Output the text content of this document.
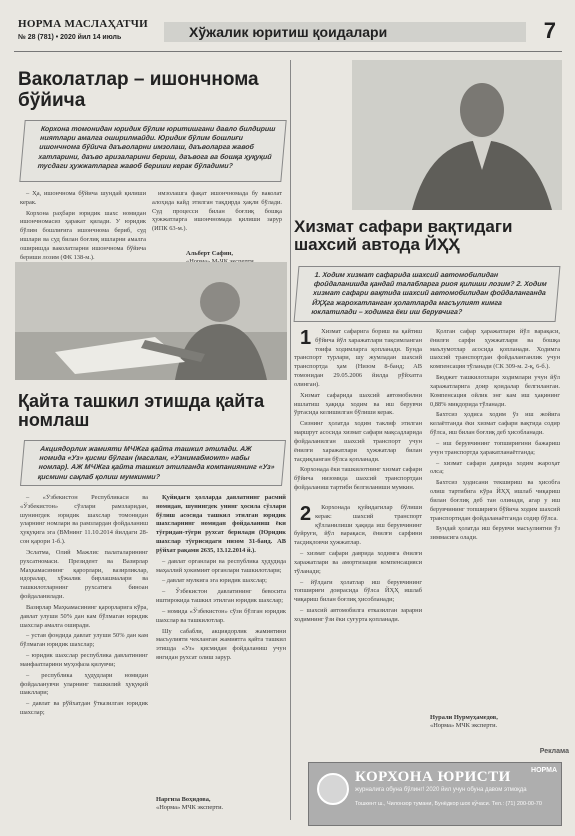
НОРМА МАСЛАҲАТЧИ
№ 28 (781) • 2020 йил 14 июль	Хўжалик юритиш қоидалари	7
Ваколатлар – ишончнома бўйича
Корхона томонидан юридик бўлим юритишгани давло билдириш ниятлари амалга оширилмайди. Юридик бўлим бошлиғи ишончнома бўйича даъволарни имзолаш, даъволарга жавоб хатларини, даъво аризаларини бериш, даъвога ва бошқа ҳуқуқий тусдаги ҳужжатларга жавоб бериши керак бўладими?

– Ҳа, ишончнома бўйича шундай қилиши керак.

Корхона раҳбари юридик шахс номидан ишончномасиз ҳаракат қилади. У юридик бўлим бошлиғига ишончнома бериб, суд ишлари ва суд билан боғлиқ ишларни амалга оширишда ваколатларни ишончнома бўйича бериши лозим (ФК 138-м.).

имзолашга фақат ишончномада бу ваколат алоҳида кайд этилган тақдирда ҳақли бўлади. Суд процесси билан боғлиқ бошқа ҳужжатларга ишончномада қилиши зарур (ИПК 63-м.).

Альберт Сафин,
Қайта ташкил этишда қайта номлаш
Акциядорлик жамияти МЧЖга қайта ташкил этилади. АЖ номида «Уз» қисми бўлган (масалан, «Узнимабмоwт» набы номлар). АЖ МЧЖга қайта ташкил этилганда компаниянинг «Уз» қисмини сақлаб қолиш мумкинми?

– «Ўзбекистон Республикаси ва «Ўзбекистон» сўзлари рамзларидан, шунингдек юридик шахслар томонидан уларнинг номлари ва рамзлардан фойдаланиш ҳуқуқига эга (ВМнинг 11.10.2014 йилдаги 28-сон қарори 1-б.).

Эслатма, Олий Мажлис палаталарининг рухсатномаси. Президент ва Вазирлар Маҳкамасининг қарорлари, вазирликлар, идоралар, хўжалик бирлашмалари ва ташкилотларнинг рухсатига биноан фойдаланилади.

Вазирлар Маҳкамасининг қарорларига кўра, давлат улуши 50% дан кам бўлмаган юридик шахслар амалга оширади.

– устав фондида давлат улуши 50% дан кам бўлмаган юридик шахслар;

– юридик шахслар республика давлатининг манфаатларини муҳофаза қилувчи;

– республика ҳудудлари номидан фойдаланувчи уларнинг ташкилий ҳуқуқий шакллари;

– давлат ва рўйхатдан ўтказилган юридик шахслар;

Қуйидаги ҳолларда давлатнинг расмий номидан, шунингдек унинг ҳосила сўзлари бўлиш асосида ташкил этилган юридик шахсларнинг номидан фойдаланиш ёки тўғридан-тўғри рухсат берилади (Юридик шахслар тўғрисидаги низом 31-банд. АВ рўйхат рақами 2635, 13.12.2014 й.).

– давлат органлари ва республика ҳудудида маҳаллий ҳокимият органлари ташкилотлари;

– давлат мулкига эга юридик шахслар;

– Ўзбекистон давлатининг бевосита иштирокида ташкил этилган юридик шахслар;

– номида «Ўзбекистон» сўзи бўлган юридик шахслар ва ташкилотлар.

Шу сабабли, акциядорлик жамиятини масъулияти чекланган жамиятга қайта ташкил этишда «Уз» қисмидан фойдаланиш учун янгидан рухсат олиш зарур.

Наргиза Воҳидова,
«Норма» МЧК эксперти.
Хизмат сафари вақтидаги шахсий автода ЙҲҲ
1. Ходим хизмат сафарида шахсий автомобилидан фойдаланишда қандай талабларга риоя қилиши лозим? 2. Ходим хизмат сафари вақтида шахсий автомобилидан фойдаланганда ЙҲҲга жарохатланган ҳолатларда масъулият кимга юклатилади – ходимга ёки иш берувчига?

1 Хизмат сафарига бориш ва қайтиш бўйича йўл харажатлари тақсимланган тоифа ходимларга қопланади. Бунда транспорт турлари, шу жумладан шахсий транспортда ҳам (Низом 8-банд; АВ томонидан 29.05.2006 йилда рўйхатга олинган).

Хизмат сафарида шахсий автомобилни ишлатиш ҳақида ходим ва иш берувчи ўртасида келишилган бўлиши керак.

Сизнинг ҳолатда ходим таклиф этилган маршрут асосида хизмат сафари мақсадларида фойдаланилган шахсий транспорт учун ёнилғи харажатлари ҳужжатлар билан тасдиқланган бўлса қопланади.

Корхонада ёки ташкилотнинг хизмат сафари бўйича низомида шахсий транспортдан фойдаланиш тартиби белгиланиши мумкин.

2 Корхонада қуйидагилар бўлиши керак: шахсий транспорт қўлланилиши ҳақида иш берувчининг буйруғи, йўл варақаси, ёнилғи сарфини тасдиқловчи ҳужжатлар.

– хизмат сафари даврида ходимга ёнилғи харажатлари ва амортизация компенсацияси тўланади;

– йўлдаги ҳолатлар иш берувчининг топшириғи доирасида бўлса ЙҲҲ ишлаб чиқариш билан боғлиқ ҳисобланади;

– шахсий автомобилга етказилган зарарни ходимнинг ўзи ёки суғурта қопланади.

Қолган сафар ҳаражатлари йўл варақаси, ёнилғи сарфи ҳужжатлари ва бошқа маълумотлар асосида қопланади. Ходимга шахсий транспортдан фойдаланганлик учун компенсация тўланади (СК 309-м. 2-қ, 6-б.).

Бюджет ташкилотлари ходимлари учун йўл харажатларига доир қоидалар белгиланган. Компенсация ойлик энг кам иш ҳақининг 0,88% миқдорида тўланади.

Бахтсиз ҳодиса ходим ўз иш жойига келаётганда ёки хизмат сафари вақтида содир бўлса, иш билан боғлиқ деб ҳисобланади.

– иш берувчининг топшириғини бажариш учун транспортда ҳаракатланаётганда;

– хизмат сафари даврида ходим жароҳат олса;

Бахтсиз ҳодисани текшириш ва ҳисобга олиш тартибига кўра ЙҲҲ ишлаб чиқариш билан боғлиқ деб тан олинади, агар у иш берувчининг топшириғи бўйича ходим шахсий транспортидан фойдаланаётганда содир бўлса.

Бундай ҳолатда иш берувчи масъулиятни ўз зиммасига олади.

Нурали Нурмуҳамедов,
«Норма» МЧК эксперти.
Реклама
НОРМА
КОРХОНА ЮРИСТИ
журналига обуна бўлинг! 2020 йил учун обуна давом этмоқда
Тошкент ш., Чилонзор тумани, Бунёдкор шох кўчаси. Тел.: (71) 200-00-70
